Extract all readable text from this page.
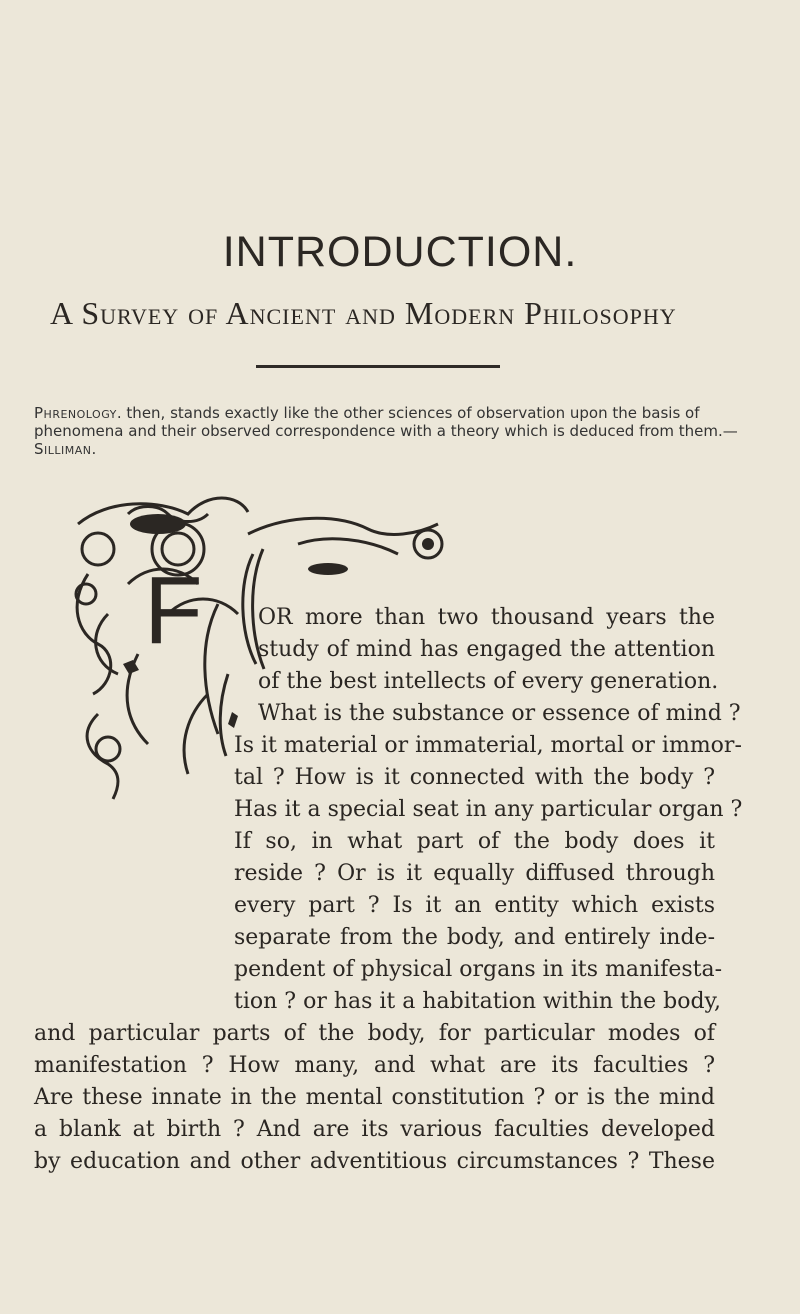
INTRODUCTION.
A Survey of Ancient and Modern Philosophy
Phrenology. then, stands exactly like the other sciences of observation upon the basis of phenomena and their observed correspondence with a theory which is deduced from them.—Silliman.
F	OR more than two thousand years the
study of mind has engaged the attention
of the best intellects of every generation.
What is the substance or essence of mind ?
Is it material or immaterial, mortal or immor-
tal ? How is it connected with the body ?
Has it a special seat in any particular organ ?
If so, in what part of the body does it
reside ? Or is it equally diffused through
every part ? Is it an entity which exists
separate from the body, and entirely inde-
pendent of physical organs in its manifesta-
tion ? or has it a habitation within the body,
and particular parts of the body, for particular modes of
manifestation ? How many, and what are its faculties ?
Are these innate in the mental constitution ? or is the mind
a blank at birth ? And are its various faculties developed
by education and other adventitious circumstances ? These
